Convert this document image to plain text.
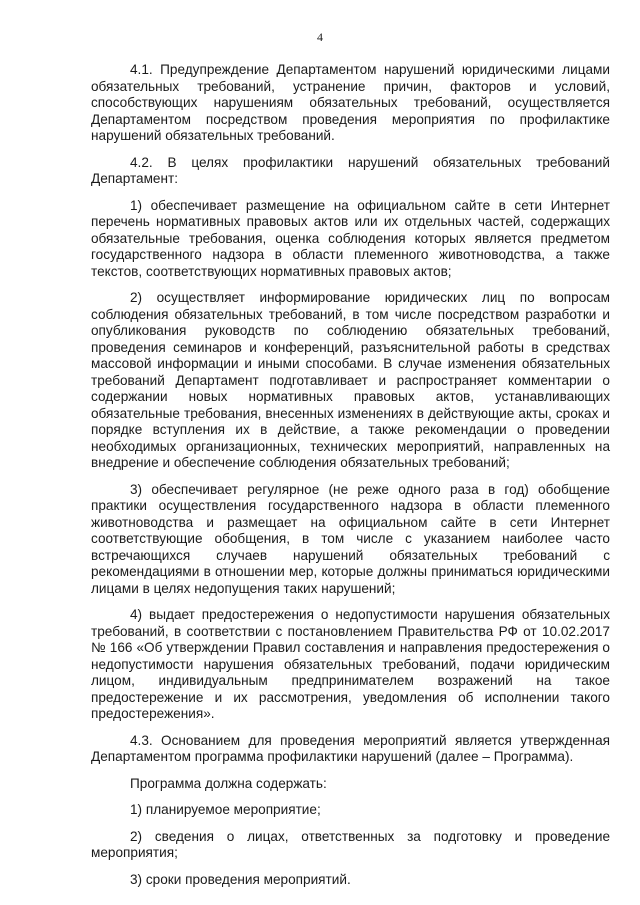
4

4.1. Предупреждение Департаментом нарушений юридическими лицами обязательных требований, устранение причин, факторов и условий, способствующих нарушениям обязательных требований, осуществляется Департаментом посредством проведения мероприятия по профилактике нарушений обязательных требований.

4.2. В целях профилактики нарушений обязательных требований Департамент:

1) обеспечивает размещение на официальном сайте в сети Интернет перечень нормативных правовых актов или их отдельных частей, содержащих обязательные требования, оценка соблюдения которых является предметом государственного надзора в области племенного животноводства, а также текстов, соответствующих нормативных правовых актов;

2) осуществляет информирование юридических лиц по вопросам соблюдения обязательных требований, в том числе посредством разработки и опубликования руководств по соблюдению обязательных требований, проведения семинаров и конференций, разъяснительной работы в средствах массовой информации и иными способами. В случае изменения обязательных требований Департамент подготавливает и распространяет комментарии о содержании новых нормативных правовых актов, устанавливающих обязательные требования, внесенных изменениях в действующие акты, сроках и порядке вступления их в действие, а также рекомендации о проведении необходимых организационных, технических мероприятий, направленных на внедрение и обеспечение соблюдения обязательных требований;

3) обеспечивает регулярное (не реже одного раза в год) обобщение практики осуществления государственного надзора в области племенного животноводства и размещает на официальном сайте в сети Интернет соответствующие обобщения, в том числе с указанием наиболее часто встречающихся случаев нарушений обязательных требований с рекомендациями в отношении мер, которые должны приниматься юридическими лицами в целях недопущения таких нарушений;

4) выдает предостережения о недопустимости нарушения обязательных требований, в соответствии с постановлением Правительства РФ от 10.02.2017 № 166 «Об утверждении Правил составления и направления предостережения о недопустимости нарушения обязательных требований, подачи юридическим лицом, индивидуальным предпринимателем возражений на такое предостережение и их рассмотрения, уведомления об исполнении такого предостережения».

4.3. Основанием для проведения мероприятий является утвержденная Департаментом программа профилактики нарушений (далее – Программа).

Программа должна содержать:

1) планируемое мероприятие;

2) сведения о лицах, ответственных за подготовку и проведение мероприятия;

3) сроки проведения мероприятий.
